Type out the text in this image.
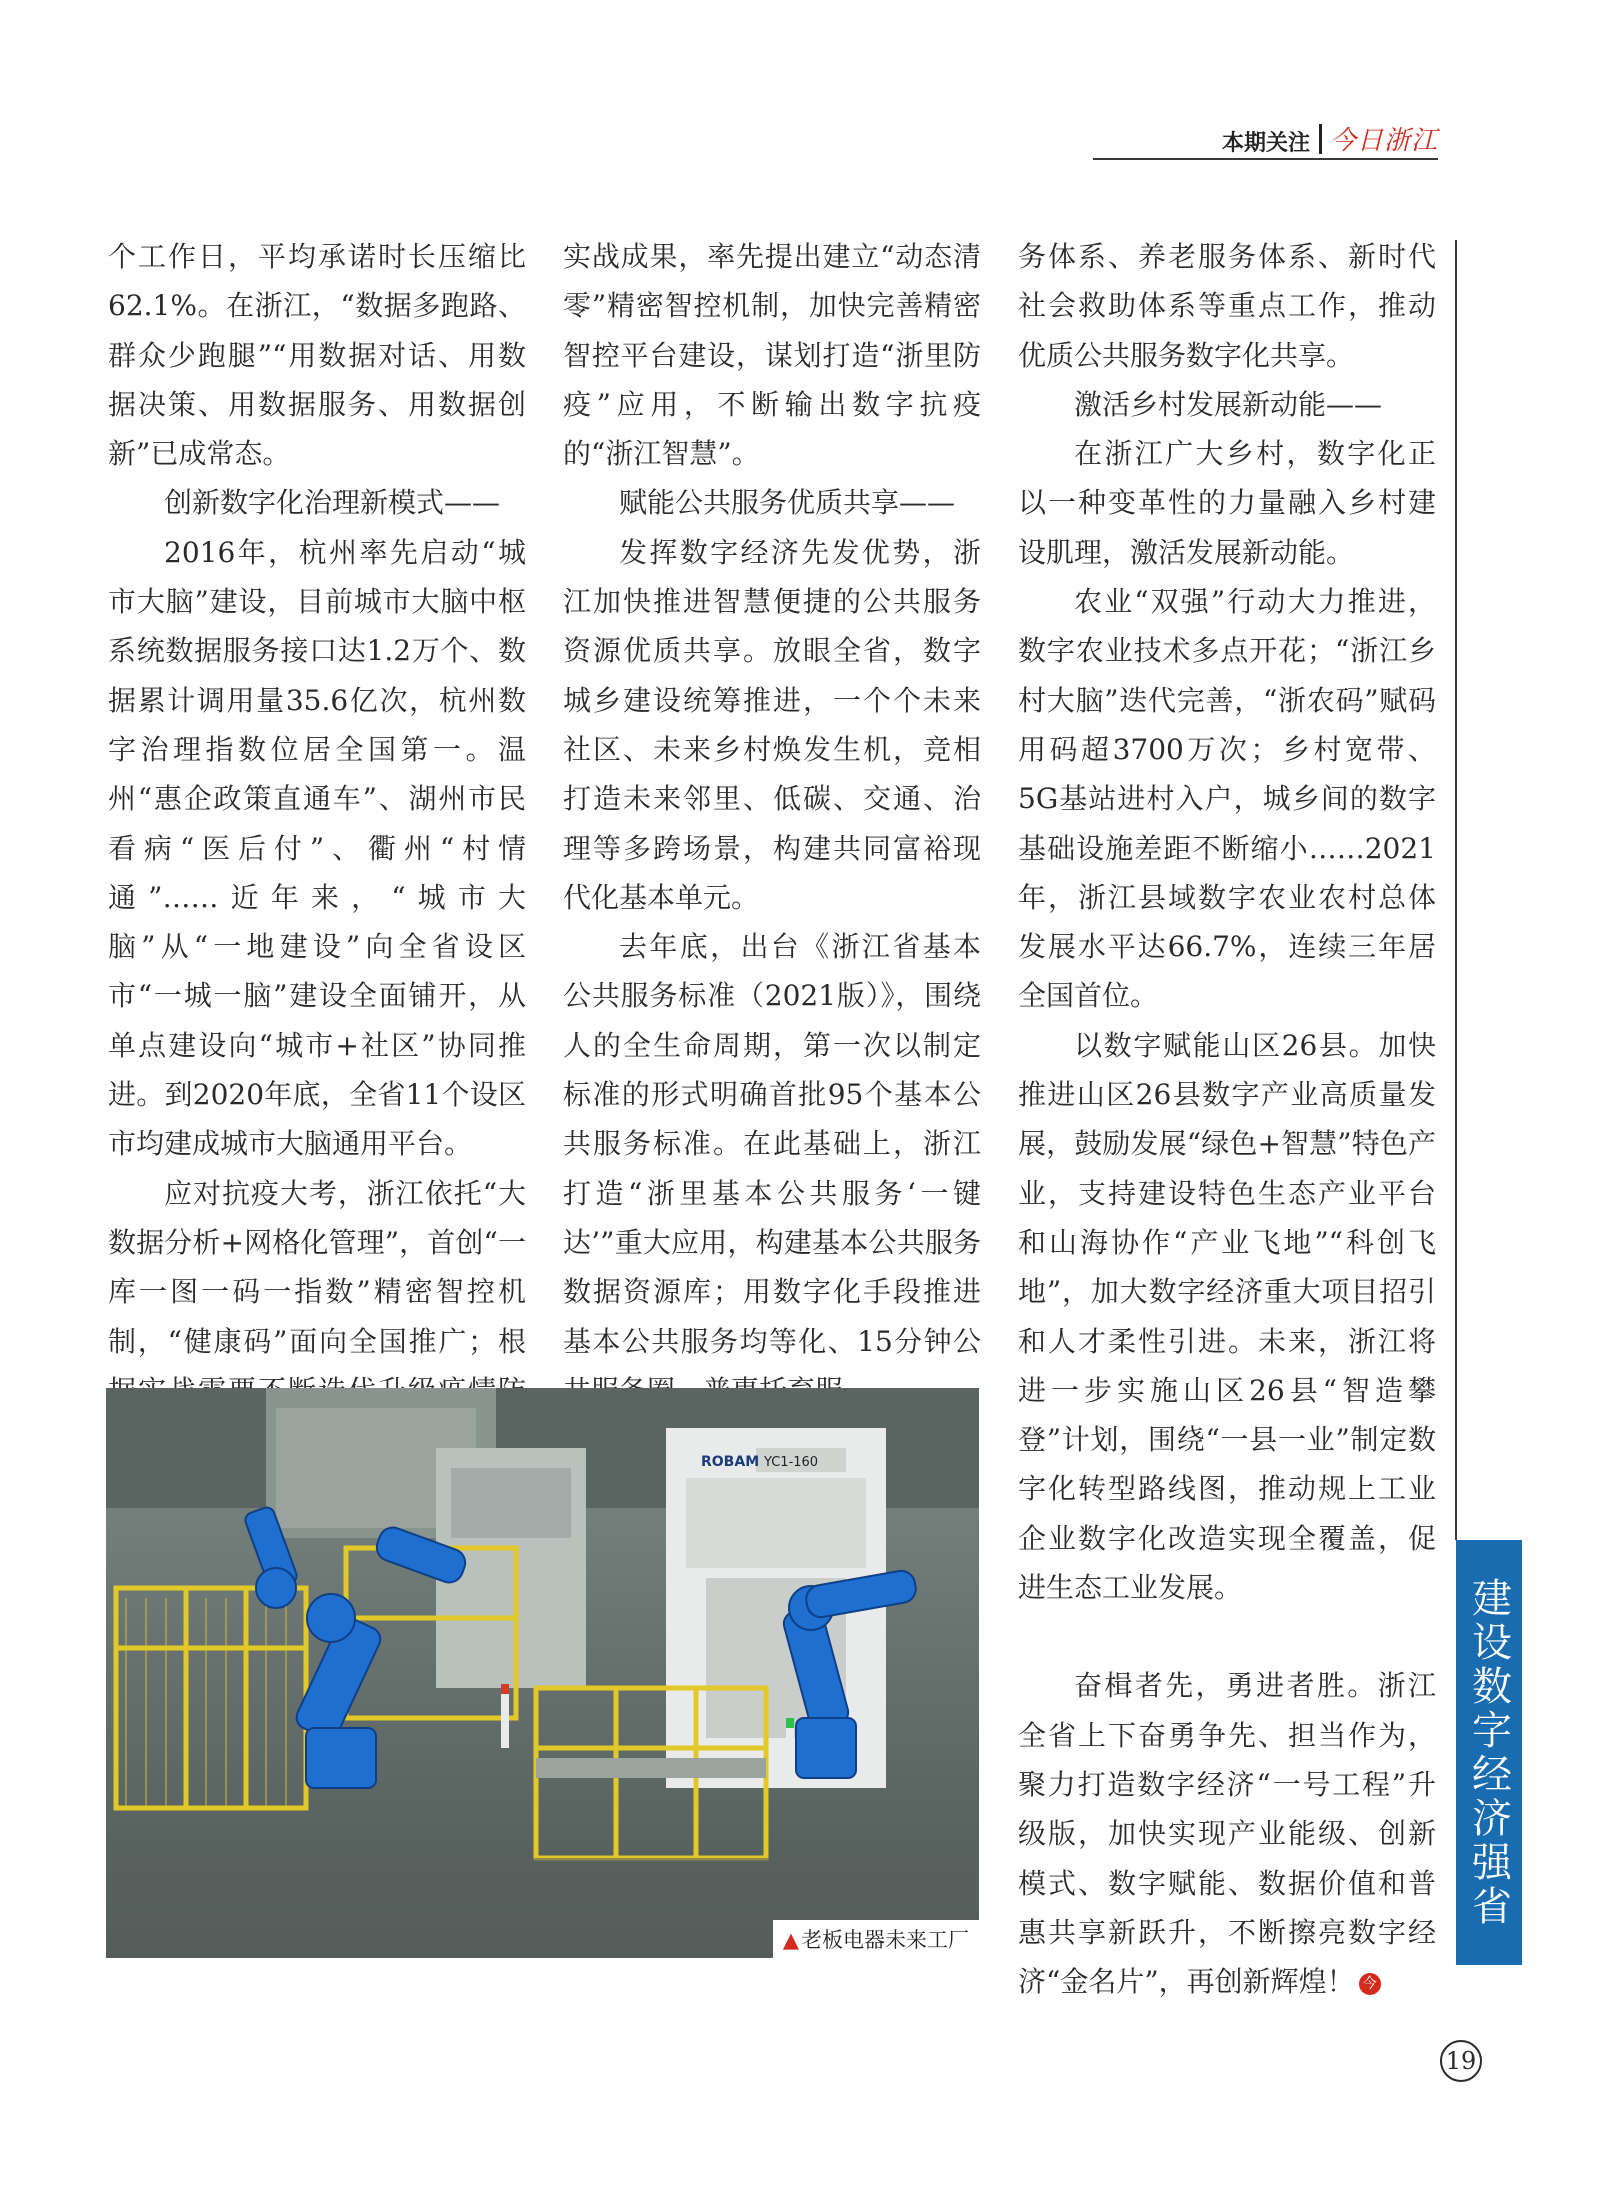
本期关注 今日浙江

个工作日，平均承诺时长压缩比62.1%。在浙江，“数据多跑路、群众少跑腿”“用数据对话、用数据决策、用数据服务、用数据创新”已成常态。

创新数字化治理新模式——

2016年，杭州率先启动“城市大脑”建设，目前城市大脑中枢系统数据服务接口达1.2万个、数据累计调用量35.6亿次，杭州数字治理指数位居全国第一。温州“惠企政策直通车”、湖州市民看病“医后付”、衢州“村情通”……近年来，“城市大脑”从“一地建设”向全省设区市“一城一脑”建设全面铺开，从单点建设向“城市+社区”协同推进。到2020年底，全省11个设区市均建成城市大脑通用平台。

应对抗疫大考，浙江依托“大数据分析+网格化管理”，首创“一库一图一码一指数”精密智控机制，“健康码”面向全国推广；根

实战成果，率先提出建立“动态清零”精密智控机制，加快完善精密智控平台建设，谋划打造“浙里防疫”应用，不断输出数字抗疫的“浙江智慧”。

赋能公共服务优质共享——

发挥数字经济先发优势，浙江加快推进智慧便捷的公共服务资源优质共享。放眼全省，数字城乡建设统筹推进，一个个未来社区、未来乡村焕发生机，竞相打造未来邻里、低碳、交通、治理等多跨场景，构建共同富裕现代化基本单元。

去年底，出台《浙江省基本公共服务标准（2021版）》，围绕人的全生命周期，第一次以制定标准的形式明确首批95个基本公共服务标准。在此基础上，浙江打造“浙里基本公共服务‘一键达’”重大应用，构建基本公共服务数据资源库；用数字化手段推进基本公共服务均等化、15分钟公

务体系、养老服务体系、新时代社会救助体系等重点工作，推动优质公共服务数字化共享。

激活乡村发展新动能——

在浙江广大乡村，数字化正以一种变革性的力量融入乡村建设肌理，激活发展新动能。

农业“双强”行动大力推进，数字农业技术多点开花；“浙江乡村大脑”迭代完善，“浙农码”赋码用码超3700万次；乡村宽带、5G基站进村入户，城乡间的数字基础设施差距不断缩小……2021年，浙江县域数字农业农村总体发展水平达66.7%，连续三年居全国首位。

以数字赋能山区26县。加快推进山区26县数字产业高质量发展，鼓励发展“绿色+智慧”特色产业，支持建设特色生态产业平台和山海协作“产业飞地”“科创飞地”，加大数字经济重大项目招引和人才柔性引进。未来，浙江将进一步实施山区26县“智造攀登”计划，围绕“一县一业”制定数字化转型路线图，推动规上工业企业数字化改造实现全覆盖，促进生态工业发展。

奋楫者先，勇进者胜。浙江全省上下奋勇争先、担当作为，聚力打造数字经济“一号工程”升级版，加快实现产业能级、创新模式、数字赋能、数据价值和普惠共享新跃升，不断擦亮数字经济“金名片”，再创新辉煌！ 今

ROBAM YC1-160
▲老板电器未来工厂
建设数字经济强省
19
